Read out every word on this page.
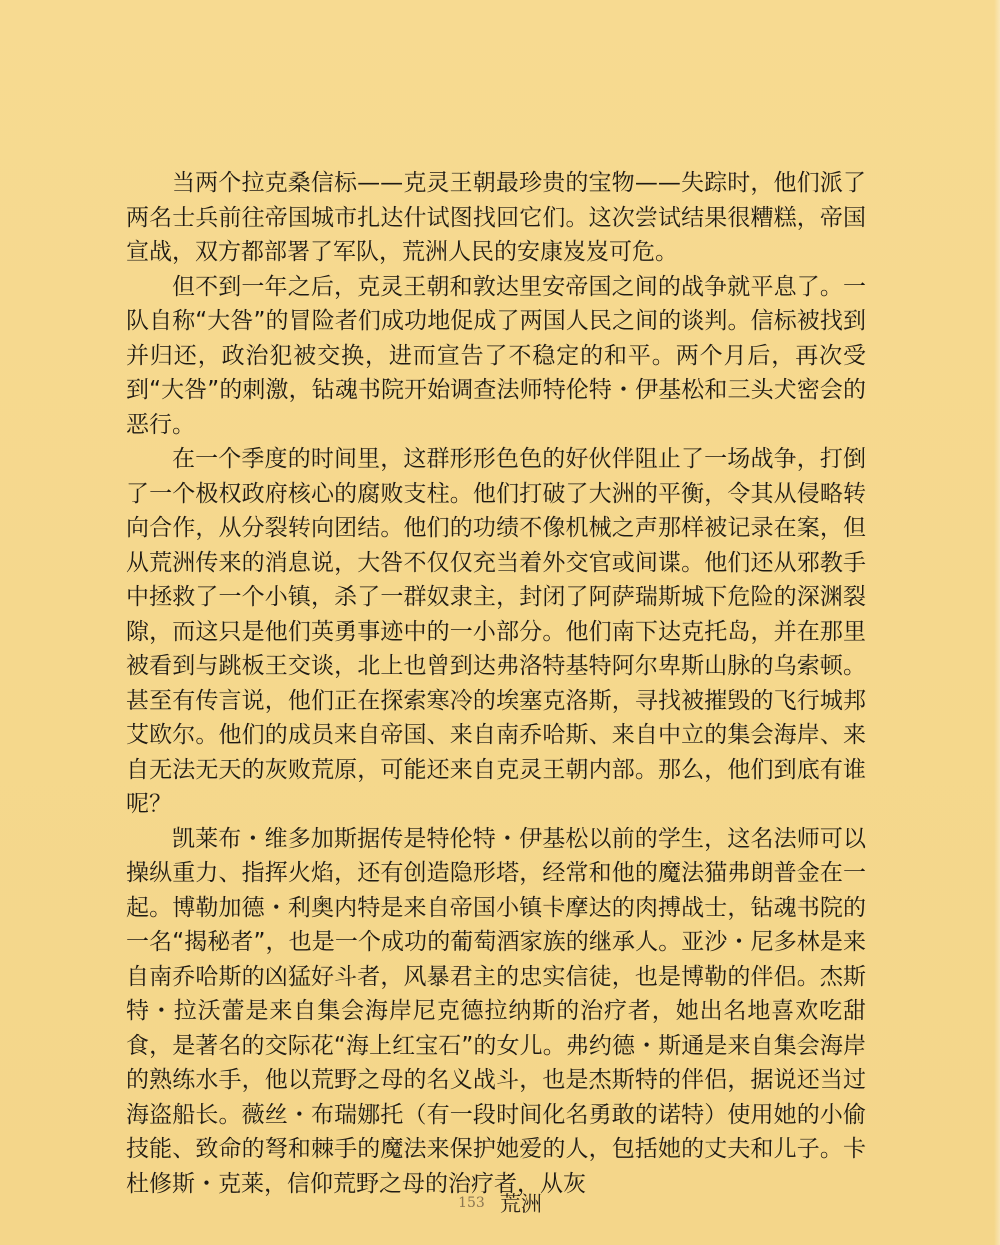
当两个拉克桑信标——克灵王朝最珍贵的宝物——失踪时，他们派了两名士兵前往帝国城市扎达什试图找回它们。这次尝试结果很糟糕，帝国宣战，双方都部署了军队，荒洲人民的安康岌岌可危。

但不到一年之后，克灵王朝和敦达里安帝国之间的战争就平息了。一队自称“大咎”的冒险者们成功地促成了两国人民之间的谈判。信标被找到并归还，政治犯被交换，进而宣告了不稳定的和平。两个月后，再次受到“大咎”的刺激，钻魂书院开始调查法师特伦特・伊基松和三头犬密会的恶行。

在一个季度的时间里，这群形形色色的好伙伴阻止了一场战争，打倒了一个极权政府核心的腐败支柱。他们打破了大洲的平衡，令其从侵略转向合作，从分裂转向团结。他们的功绩不像机械之声那样被记录在案，但从荒洲传来的消息说，大咎不仅仅充当着外交官或间谍。他们还从邪教手中拯救了一个小镇，杀了一群奴隶主，封闭了阿萨瑞斯城下危险的深渊裂隙，而这只是他们英勇事迹中的一小部分。他们南下达克托岛，并在那里被看到与跳板王交谈，北上也曾到达弗洛特基特阿尔卑斯山脉的乌索顿。甚至有传言说，他们正在探索寒冷的埃塞克洛斯，寻找被摧毁的飞行城邦艾欧尔。他们的成员来自帝国、来自南乔哈斯、来自中立的集会海岸、来自无法无天的灰败荒原，可能还来自克灵王朝内部。那么，他们到底有谁呢？

凯莱布・维多加斯据传是特伦特・伊基松以前的学生，这名法师可以操纵重力、指挥火焰，还有创造隐形塔，经常和他的魔法猫弗朗普金在一起。博勒加德・利奥内特是来自帝国小镇卡摩达的肉搏战士，钻魂书院的一名“揭秘者”，也是一个成功的葡萄酒家族的继承人。亚沙・尼多林是来自南乔哈斯的凶猛好斗者，风暴君主的忠实信徒，也是博勒的伴侣。杰斯特・拉沃蕾是来自集会海岸尼克德拉纳斯的治疗者，她出名地喜欢吃甜食，是著名的交际花“海上红宝石”的女儿。弗约德・斯通是来自集会海岸的熟练水手，他以荒野之母的名义战斗，也是杰斯特的伴侣，据说还当过海盗船长。薇丝・布瑞娜托（有一段时间化名勇敢的诺特）使用她的小偷技能、致命的弩和棘手的魔法来保护她爱的人，包括她的丈夫和儿子。卡杜修斯・克莱，信仰荒野之母的治疗者，从灰

153 荒洲
